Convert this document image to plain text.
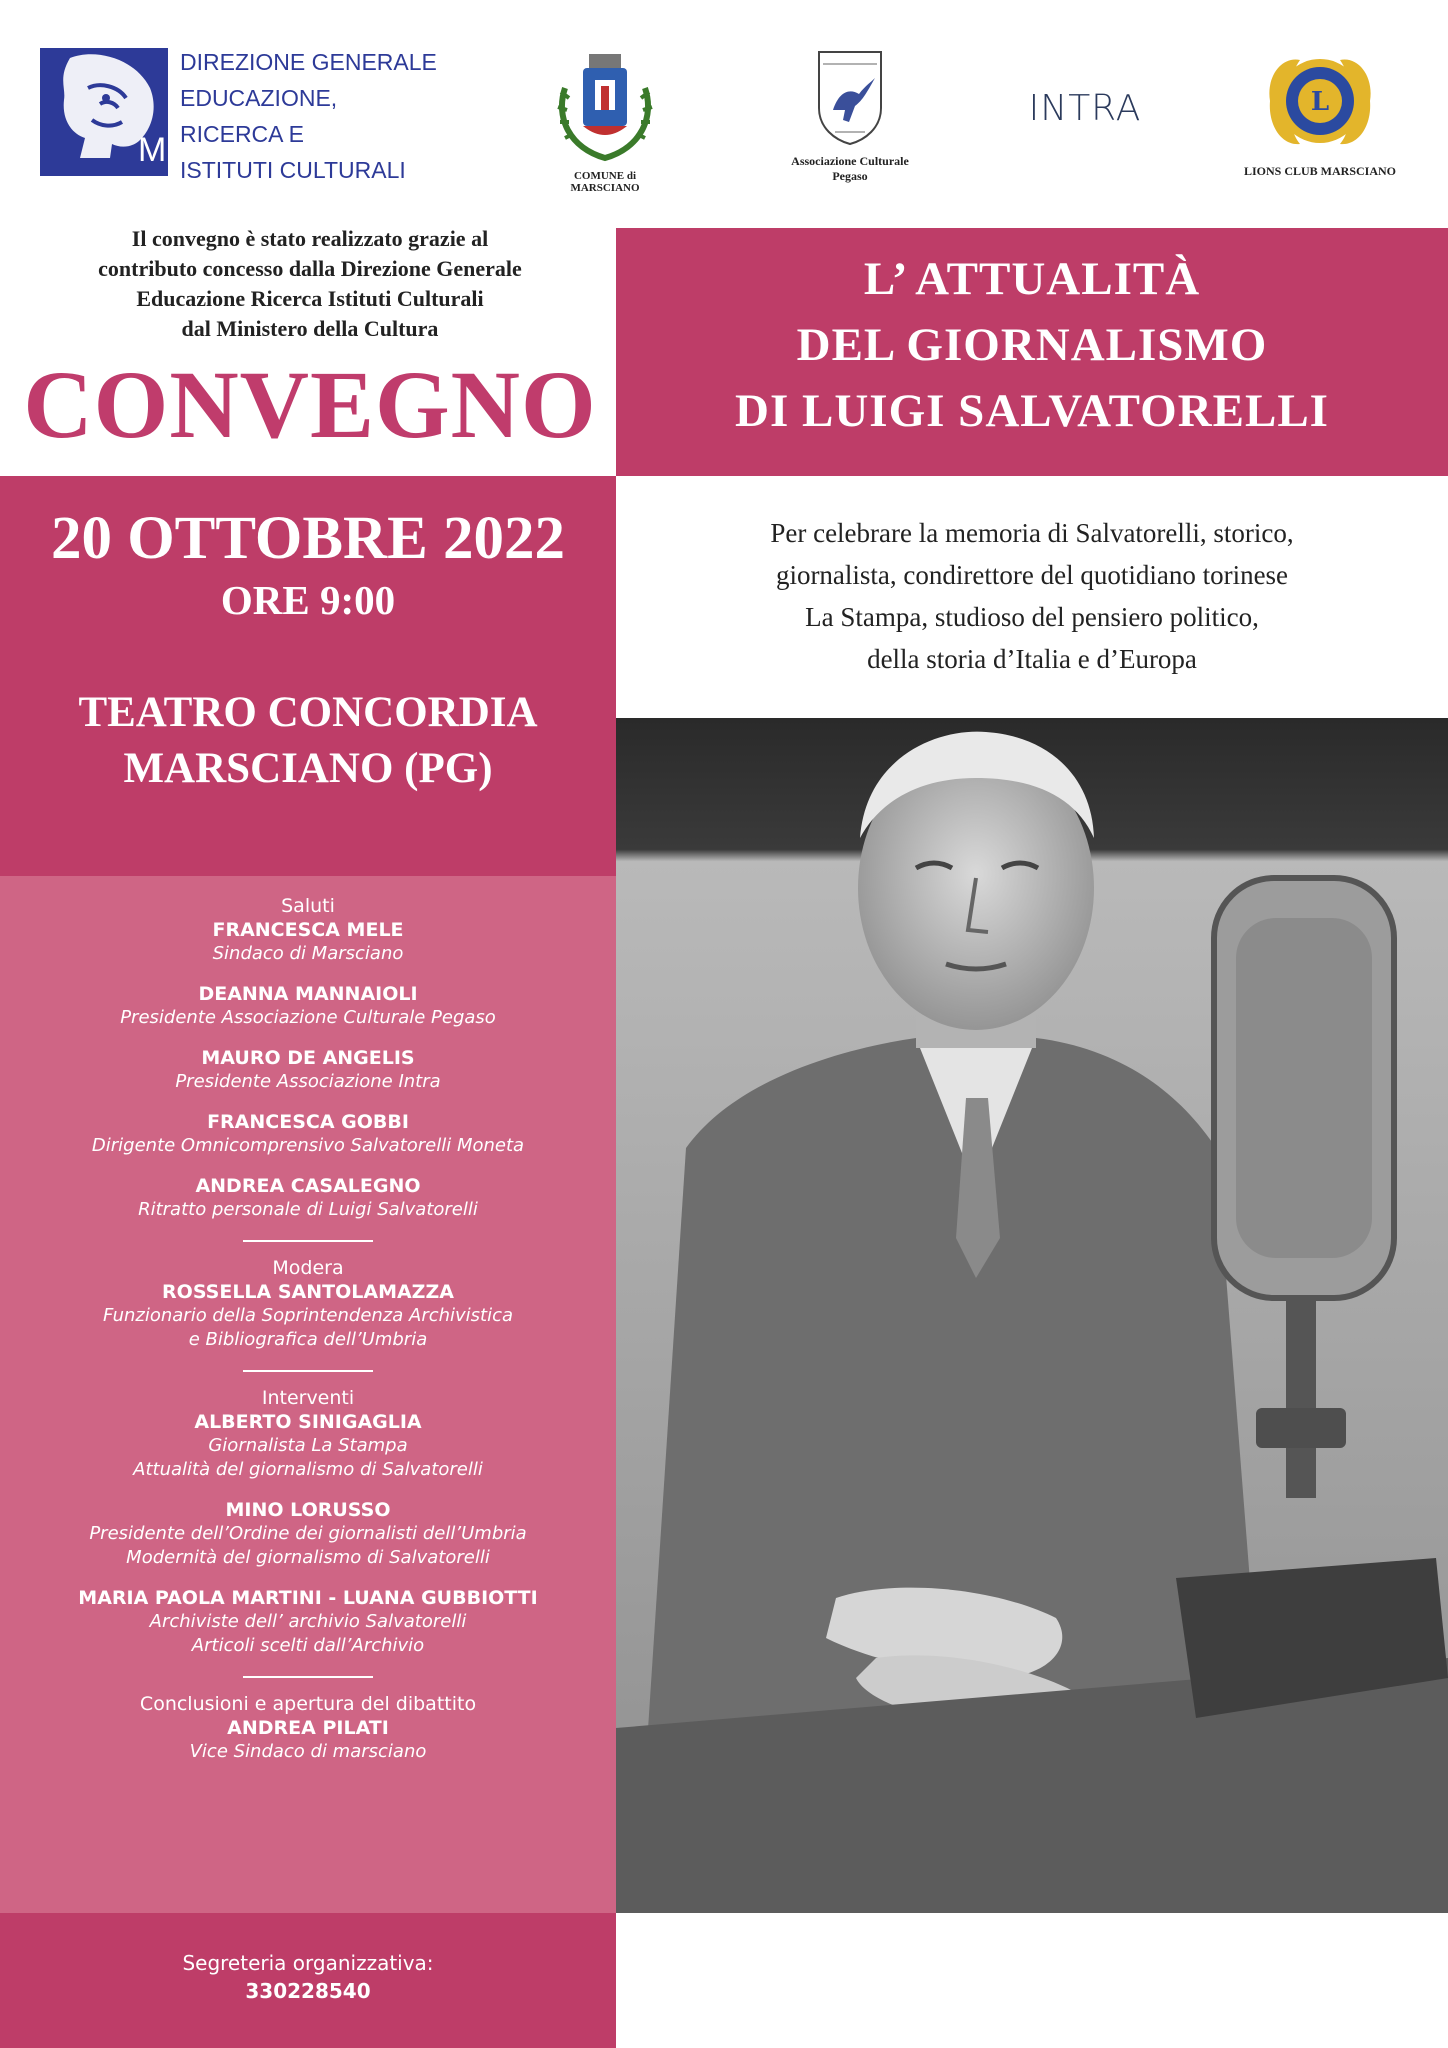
MiC
DIREZIONE GENERALE
EDUCAZIONE,
RICERCA E
ISTITUTI CULTURALI	COMUNE di MARSCIANO
Associazione Culturale
Pegaso
INTRA	L
LIONS CLUB MARSCIANO
Il convegno è stato realizzato grazie al
contributo concesso dalla Direzione Generale
Educazione Ricerca Istituti Culturali
dal Ministero della Cultura
CONVEGNO
L’ ATTUALITÀ
DEL GIORNALISMO
DI LUIGI SALVATORELLI
20 OTTOBRE 2022
ORE 9:00
TEATRO CONCORDIA
MARSCIANO (PG)
Per celebrare la memoria di Salvatorelli, storico,
giornalista, condirettore del quotidiano torinese
La Stampa, studioso del pensiero politico,
della storia d’Italia e d’Europa
Saluti
FRANCESCA MELE
Sindaco di Marsciano
DEANNA MANNAIOLI
Presidente Associazione Culturale Pegaso
MAURO DE ANGELIS
Presidente Associazione Intra
FRANCESCA GOBBI
Dirigente Omnicomprensivo Salvatorelli Moneta
ANDREA CASALEGNO
Ritratto personale di Luigi Salvatorelli
Modera
ROSSELLA SANTOLAMAZZA
Funzionario della Soprintendenza Archivistica
e Bibliografica dell’Umbria
Interventi
ALBERTO SINIGAGLIA
Giornalista La Stampa
Attualità del giornalismo di Salvatorelli
MINO LORUSSO
Presidente dell’Ordine dei giornalisti dell’Umbria
Modernità del giornalismo di Salvatorelli
MARIA PAOLA MARTINI - LUANA GUBBIOTTI
Archiviste dell’ archivio Salvatorelli
Articoli scelti dall’Archivio
Conclusioni e apertura del dibattito
ANDREA PILATI
Vice Sindaco di marsciano
Segreteria organizzativa:
330228540
